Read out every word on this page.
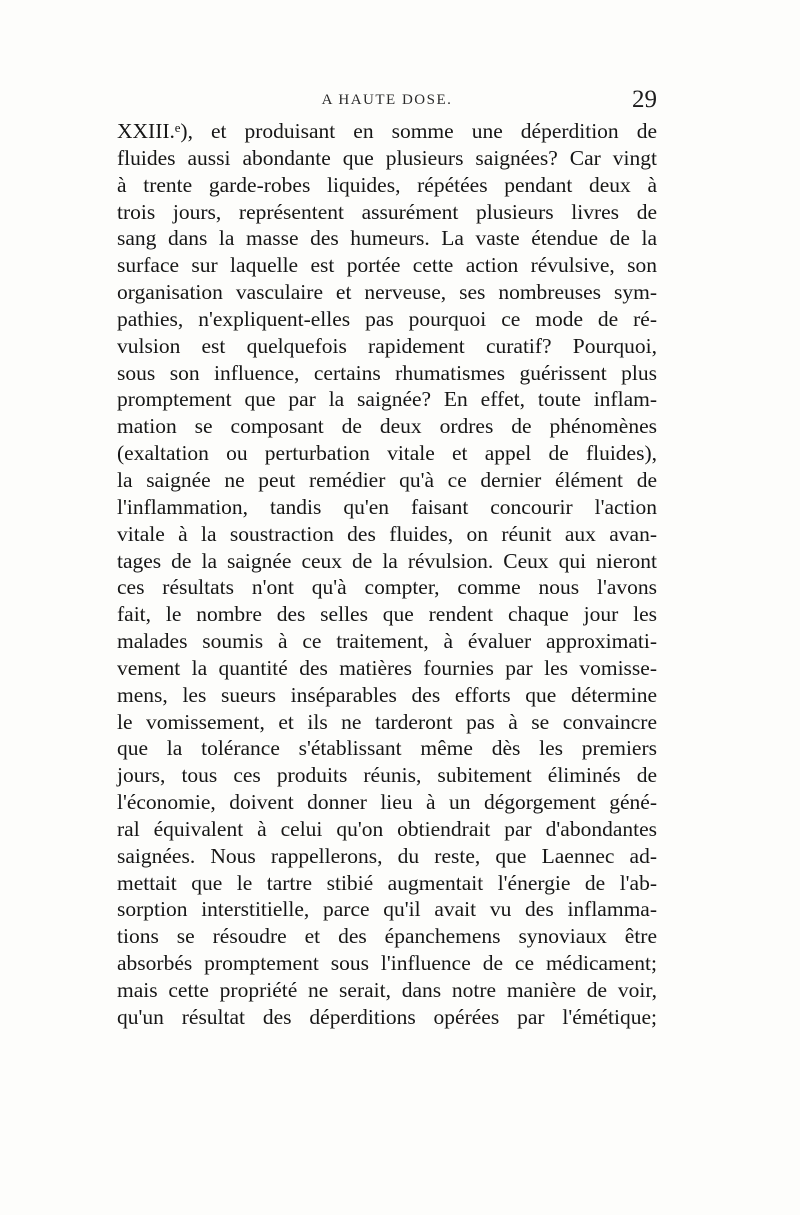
A HAUTE DOSE.	29
XXIII.ᵉ), et produisant en somme une déperdition de
fluides aussi abondante que plusieurs saignées? Car vingt
à trente garde-robes liquides, répétées pendant deux à
trois jours, représentent assurément plusieurs livres de
sang dans la masse des humeurs. La vaste étendue de la
surface sur laquelle est portée cette action révulsive, son
organisation vasculaire et nerveuse, ses nombreuses sym-
pathies, n'expliquent-elles pas pourquoi ce mode de ré-
vulsion est quelquefois rapidement curatif? Pourquoi,
sous son influence, certains rhumatismes guérissent plus
promptement que par la saignée? En effet, toute inflam-
mation se composant de deux ordres de phénomènes
(exaltation ou perturbation vitale et appel de fluides),
la saignée ne peut remédier qu'à ce dernier élément de
l'inflammation, tandis qu'en faisant concourir l'action
vitale à la soustraction des fluides, on réunit aux avan-
tages de la saignée ceux de la révulsion. Ceux qui nieront
ces résultats n'ont qu'à compter, comme nous l'avons
fait, le nombre des selles que rendent chaque jour les
malades soumis à ce traitement, à évaluer approximati-
vement la quantité des matières fournies par les vomisse-
mens, les sueurs inséparables des efforts que détermine
le vomissement, et ils ne tarderont pas à se convaincre
que la tolérance s'établissant même dès les premiers
jours, tous ces produits réunis, subitement éliminés de
l'économie, doivent donner lieu à un dégorgement géné-
ral équivalent à celui qu'on obtiendrait par d'abondantes
saignées. Nous rappellerons, du reste, que Laennec ad-
mettait que le tartre stibié augmentait l'énergie de l'ab-
sorption interstitielle, parce qu'il avait vu des inflamma-
tions se résoudre et des épanchemens synoviaux être
absorbés promptement sous l'influence de ce médicament;
mais cette propriété ne serait, dans notre manière de voir,
qu'un résultat des déperditions opérées par l'émétique;
